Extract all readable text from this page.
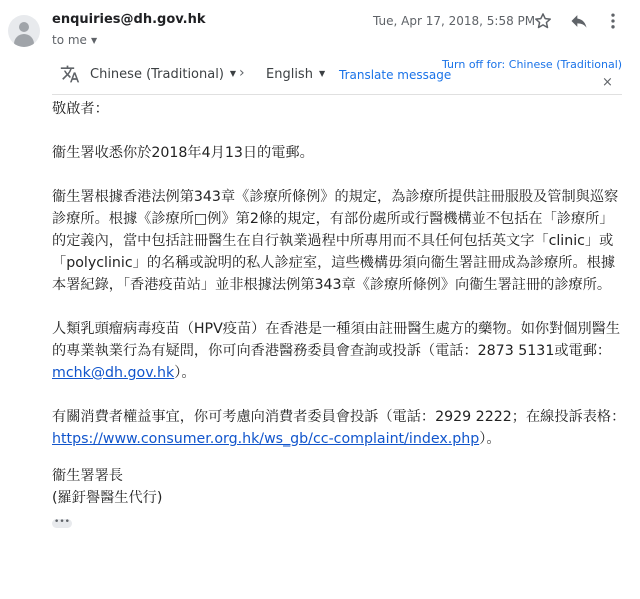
enquiries@dh.gov.hk
to me ▼
Tue, Apr 17, 2018, 5:58 PM
Chinese (Traditional) ▼ › English ▼ Translate message
Turn off for: Chinese (Traditional)
×

敬啟者：

衞生署收悉你於2018年4月13日的電郵。

衞生署根據香港法例第343章《診療所條例》的規定，為診療所提供註冊服股及管制與巡察診療所。根據《診療所□例》第2條的規定，有部份處所或行醫機構並不包括在「診療所」的定義內，當中包括註冊醫生在自行執業過程中所專用而不具任何包括英文字「clinic」或「polyclinic」的名稱或說明的私人診症室，這些機構毋須向衞生署註冊成為診療所。根據本署紀錄，「香港疫苗站」並非根據法例第343章《診療所條例》向衞生署註冊的診療所。

人類乳頭瘤病毒疫苗（HPV疫苗）在香港是一種須由註冊醫生處方的藥物。如你對個別醫生的專業執業行為有疑問，你可向香港醫務委員會查詢或投訴（電話：2873 5131或電郵：mchk@dh.gov.hk）。

有關消費者權益事宜，你可考慮向消費者委員會投訴（電話：2929 2222；在線投訴表格：https://www.consumer.org.hk/ws_gb/cc-complaint/index.php）。

衞生署署長

(羅釪譽醫生代行)

•••
